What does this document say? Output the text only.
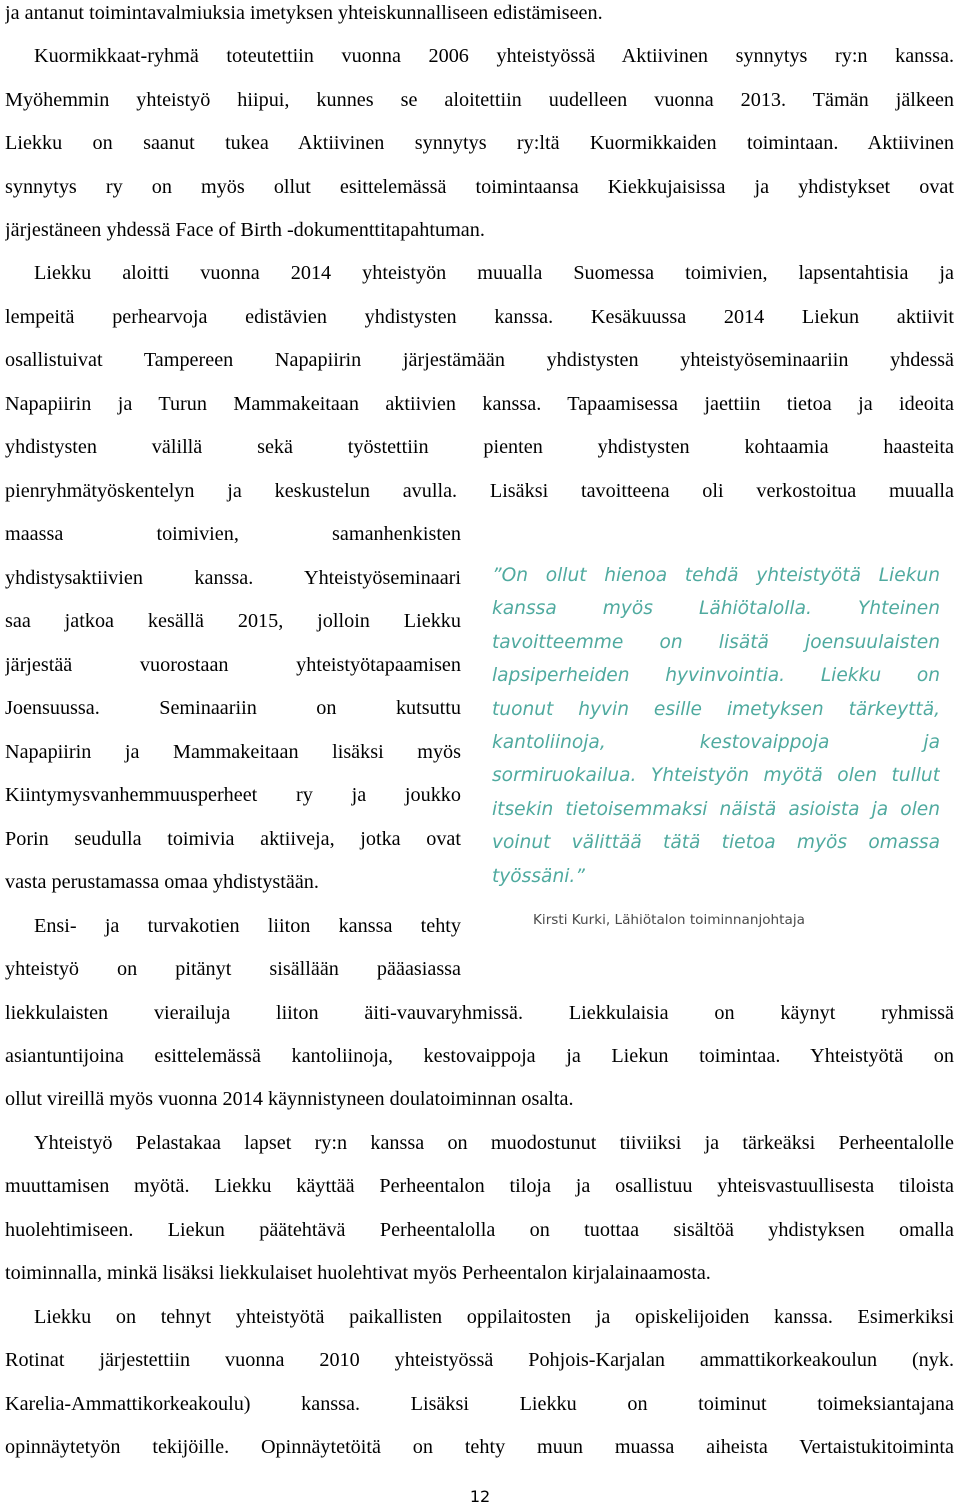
ja antanut toimintavalmiuksia imetyksen yhteiskunnalliseen edistämiseen.
Kuormikkaat-ryhmä toteutettiin vuonna 2006 yhteistyössä Aktiivinen synnytys ry:n kanssa.
Myöhemmin yhteistyö hiipui, kunnes se aloitettiin uudelleen vuonna 2013. Tämän jälkeen
Liekku on saanut tukea Aktiivinen synnytys ry:ltä Kuormikkaiden toimintaan. Aktiivinen
synnytys ry on myös ollut esittelemässä toimintaansa Kiekkujaisissa ja yhdistykset ovat
järjestäneen yhdessä Face of Birth -dokumenttitapahtuman.
Liekku aloitti vuonna 2014 yhteistyön muualla Suomessa toimivien, lapsentahtisia ja
lempeitä perhearvoja edistävien yhdistysten kanssa. Kesäkuussa 2014 Liekun aktiivit
osallistuivat Tampereen Napapiirin järjestämään yhdistysten yhteistyöseminaariin yhdessä
Napapiirin ja Turun Mammakeitaan aktiivien kanssa. Tapaamisessa jaettiin tietoa ja ideoita
yhdistysten välillä sekä työstettiin pienten yhdistysten kohtaamia haasteita
pienryhmätyöskentelyn ja keskustelun avulla. Lisäksi tavoitteena oli verkostoitua muualla
maassa toimivien, samanhenkisten
yhdistysaktiivien kanssa. Yhteistyöseminaari
saa jatkoa kesällä 2015, jolloin Liekku
järjestää vuorostaan yhteistyötapaamisen
Joensuussa. Seminaariin on kutsuttu
Napapiirin ja Mammakeitaan lisäksi myös
Kiintymysvanhemmuusperheet ry ja joukko
Porin seudulla toimivia aktiiveja, jotka ovat
vasta perustamassa omaa yhdistystään.
Ensi- ja turvakotien liiton kanssa tehty
yhteistyö on pitänyt sisällään pääasiassa
liekkulaisten vierailuja liiton äiti-vauvaryhmissä. Liekkulaisia on käynyt ryhmissä
asiantuntijoina esittelemässä kantoliinoja, kestovaippoja ja Liekun toimintaa. Yhteistyötä on
ollut vireillä myös vuonna 2014 käynnistyneen doulatoiminnan osalta.
Yhteistyö Pelastakaa lapset ry:n kanssa on muodostunut tiiviiksi ja tärkeäksi Perheentalolle
muuttamisen myötä. Liekku käyttää Perheentalon tiloja ja osallistuu yhteisvastuullisesta tiloista
huolehtimiseen. Liekun päätehtävä Perheentalolla on tuottaa sisältöä yhdistyksen omalla
toiminnalla, minkä lisäksi liekkulaiset huolehtivat myös Perheentalon kirjalainaamosta.
Liekku on tehnyt yhteistyötä paikallisten oppilaitosten ja opiskelijoiden kanssa. Esimerkiksi
Rotinat järjestettiin vuonna 2010 yhteistyössä Pohjois-Karjalan ammattikorkeakoulun (nyk.
Karelia-Ammattikorkeakoulu) kanssa. Lisäksi Liekku on toiminut toimeksiantajana
opinnäytetyön tekijöille. Opinnäytetöitä on tehty muun muassa aiheista Vertaistukitoiminta
”On ollut hienoa tehdä yhteistyötä Liekun
kanssa myös Lähiötalolla. Yhteinen
tavoitteemme on lisätä joensuulaisten
lapsiperheiden hyvinvointia. Liekku on
tuonut hyvin esille imetyksen tärkeyttä,
kantoliinoja, kestovaippoja ja
sormiruokailua. Yhteistyön myötä olen tullut
itsekin tietoisemmaksi näistä asioista ja olen
voinut välittää tätä tietoa myös omassa
työssäni.”
Kirsti Kurki, Lähiötalon toiminnanjohtaja
12
